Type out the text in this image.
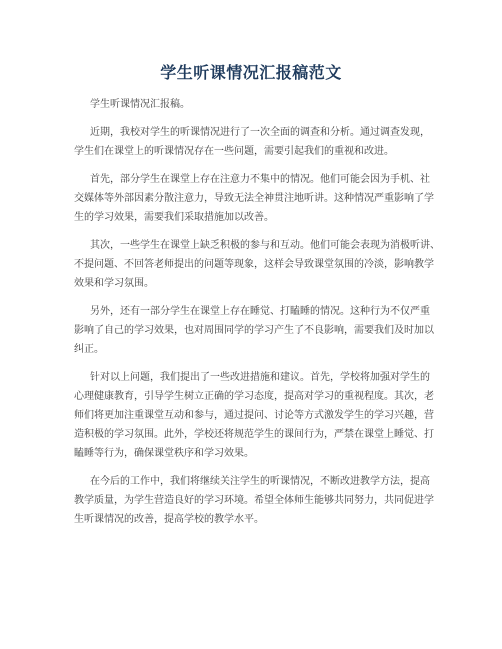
学生听课情况汇报稿范文

学生听课情况汇报稿。

近期，我校对学生的听课情况进行了一次全面的调查和分析。通过调查发现，
学生们在课堂上的听课情况存在一些问题，需要引起我们的重视和改进。

首先，部分学生在课堂上存在注意力不集中的情况。他们可能会因为手机、社
交媒体等外部因素分散注意力，导致无法全神贯注地听讲。这种情况严重影响了学
生的学习效果，需要我们采取措施加以改善。

其次，一些学生在课堂上缺乏积极的参与和互动。他们可能会表现为消极听讲、
不提问题、不回答老师提出的问题等现象，这样会导致课堂氛围的冷淡，影响教学
效果和学习氛围。

另外，还有一部分学生在课堂上存在睡觉、打瞌睡的情况。这种行为不仅严重
影响了自己的学习效果，也对周围同学的学习产生了不良影响，需要我们及时加以
纠正。

针对以上问题，我们提出了一些改进措施和建议。首先，学校将加强对学生的
心理健康教育，引导学生树立正确的学习态度，提高对学习的重视程度。其次，老
师们将更加注重课堂互动和参与，通过提问、讨论等方式激发学生的学习兴趣，营
造积极的学习氛围。此外，学校还将规范学生的课间行为，严禁在课堂上睡觉、打
瞌睡等行为，确保课堂秩序和学习效果。

在今后的工作中，我们将继续关注学生的听课情况，不断改进教学方法，提高
教学质量，为学生营造良好的学习环境。希望全体师生能够共同努力，共同促进学
生听课情况的改善，提高学校的教学水平。
